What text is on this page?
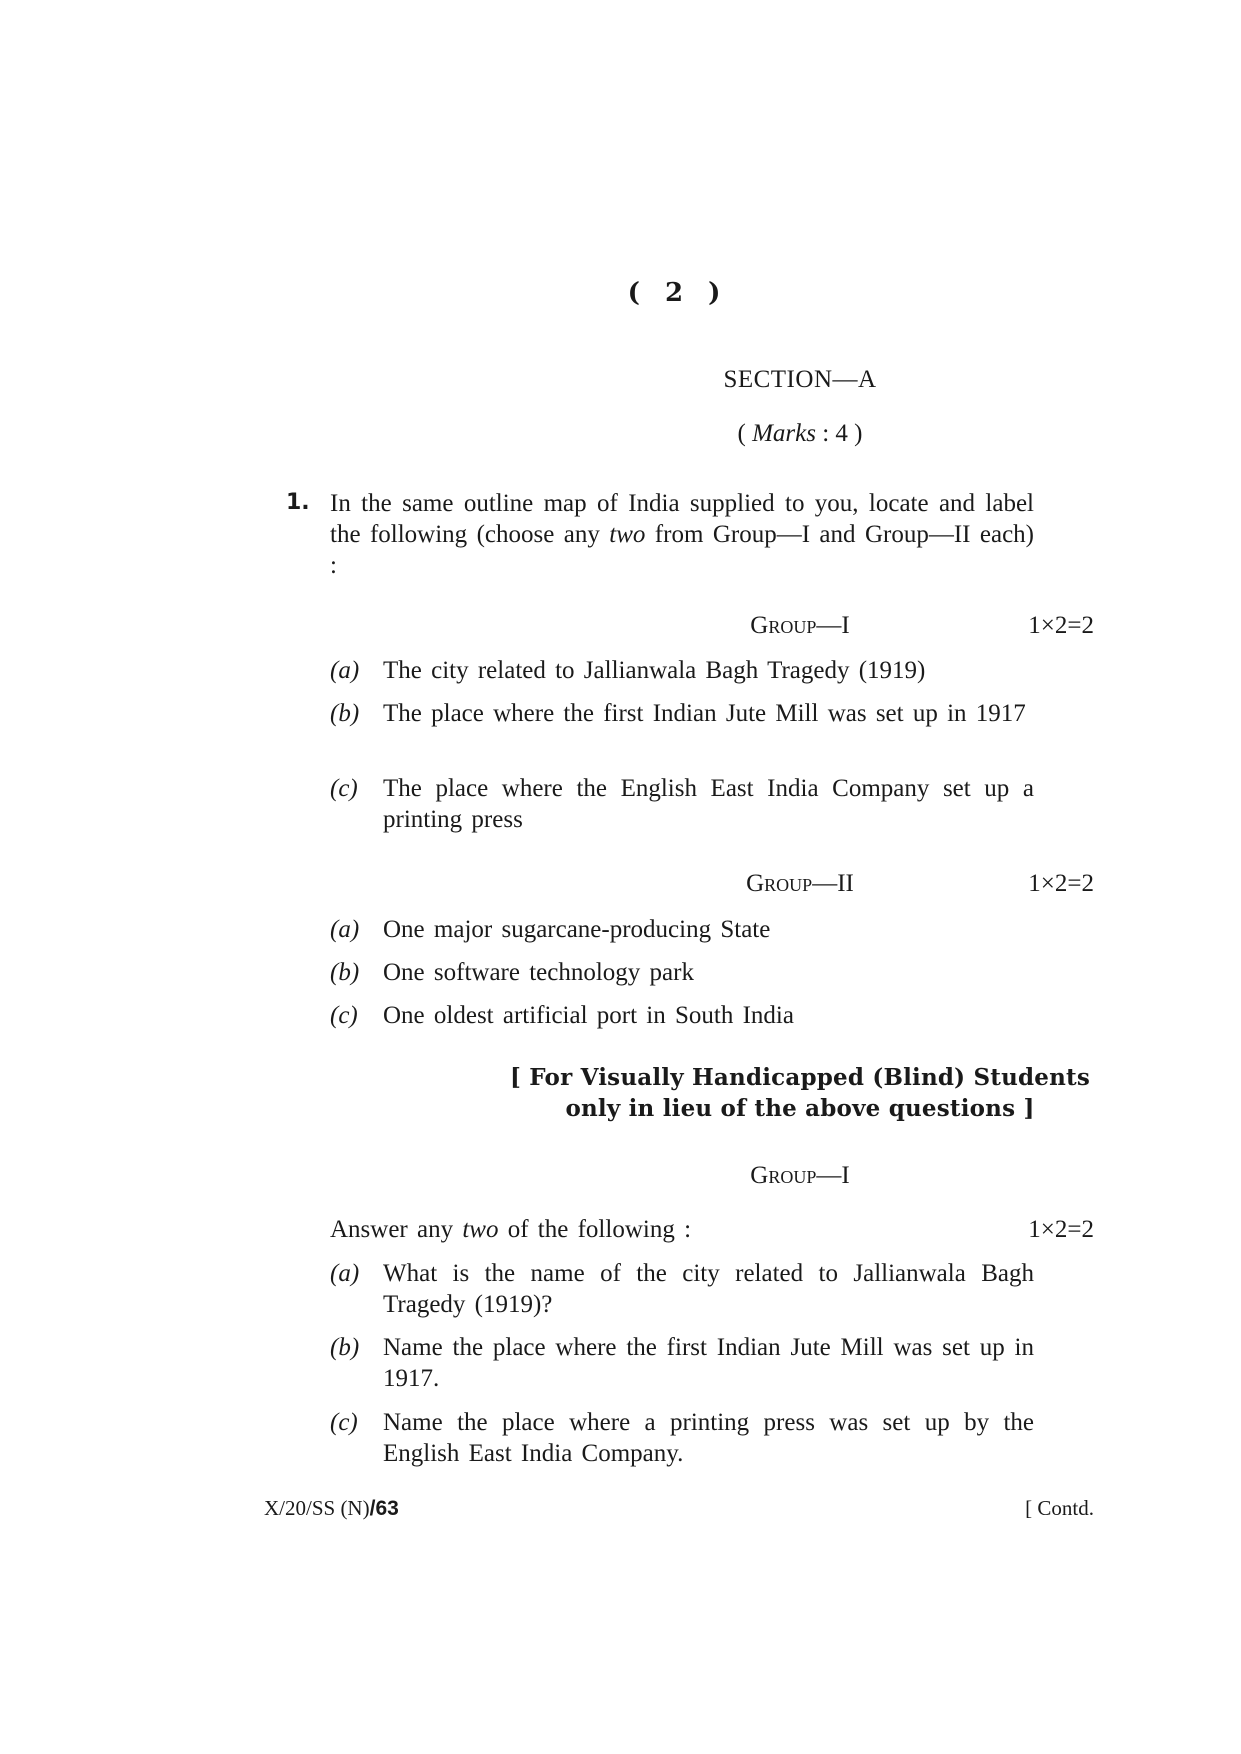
( 2 )
SECTION—A
( Marks : 4 )
1. In the same outline map of India supplied to you, locate and label the following (choose any two from Group—I and Group—II each) :
Group—I	1×2=2
(a) The city related to Jallianwala Bagh Tragedy (1919)
(b) The place where the first Indian Jute Mill was set up in 1917
(c)	The place where the English East India Company set up a printing press
Group—II	1×2=2
(a) One major sugarcane-producing State
(b) One software technology park
(c)	One oldest artificial port in South India
[ For Visually Handicapped (Blind) Students
only in lieu of the above questions ]
Group—I
Answer any two of the following :	1×2=2
(a) What is the name of the city related to Jallianwala Bagh Tragedy (1919)?
(b) Name the place where the first Indian Jute Mill was set up in 1917.
(c)	Name the place where a printing press was set up by the English East India Company.
X/20/SS (N)/63	[ Contd.
